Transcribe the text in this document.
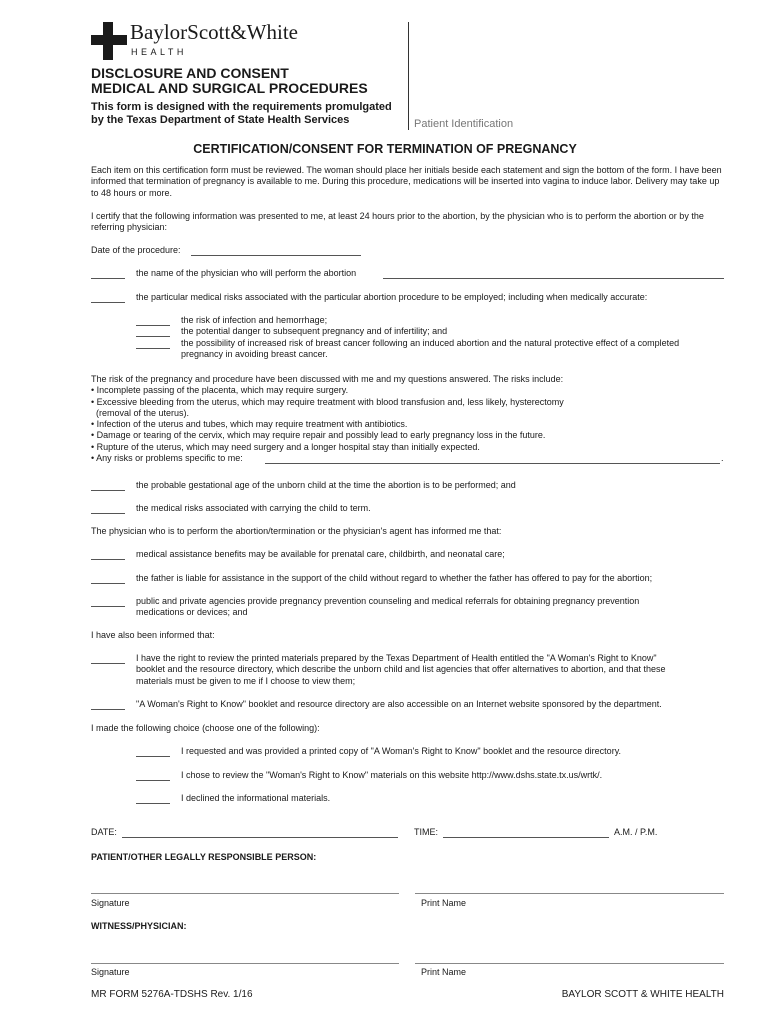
BaylorScott&White
HEALTH
DISCLOSURE AND CONSENT
MEDICAL AND SURGICAL PROCEDURES
This form is designed with the requirements promulgated
by the Texas Department of State Health Services	Patient Identification
CERTIFICATION/CONSENT FOR TERMINATION OF PREGNANCY
Each item on this certification form must be reviewed. The woman should place her initials beside each statement and sign the bottom of the form. I have been informed that termination of pregnancy is available to me. During this procedure, medications will be inserted into vagina to induce labor. Delivery may take up to 48 hours or more.
I certify that the following information was presented to me, at least 24 hours prior to the abortion, by the physician who is to perform the abortion or by the referring physician:
Date of the procedure:
the name of the physician who will perform the abortion
the particular medical risks associated with the particular abortion procedure to be employed; including when medically accurate:
the risk of infection and hemorrhage;
the potential danger to subsequent pregnancy and of infertility; and
the possibility of increased risk of breast cancer following an induced abortion and the natural protective effect of a completed
pregnancy in avoiding breast cancer.
The risk of the pregnancy and procedure have been discussed with me and my questions answered. The risks include:
• Incomplete passing of the placenta, which may require surgery.
• Excessive bleeding from the uterus, which may require treatment with blood transfusion and, less likely, hysterectomy
(removal of the uterus).
• Infection of the uterus and tubes, which may require treatment with antibiotics.
• Damage or tearing of the cervix, which may require repair and possibly lead to early pregnancy loss in the future.
• Rupture of the uterus, which may need surgery and a longer hospital stay than initially expected.
• Any risks or problems specific to me:	.
the probable gestational age of the unborn child at the time the abortion is to be performed; and
the medical risks associated with carrying the child to term.
The physician who is to perform the abortion/termination or the physician's agent has informed me that:
medical assistance benefits may be available for prenatal care, childbirth, and neonatal care;
the father is liable for assistance in the support of the child without regard to whether the father has offered to pay for the abortion;
public and private agencies provide pregnancy prevention counseling and medical referrals for obtaining pregnancy prevention
medications or devices; and
I have also been informed that:
I have the right to review the printed materials prepared by the Texas Department of Health entitled the "A Woman's Right to Know"
booklet and the resource directory, which describe the unborn child and list agencies that offer alternatives to abortion, and that these
materials must be given to me if I choose to view them;
"A Woman's Right to Know" booklet and resource directory are also accessible on an Internet website sponsored by the department.
I made the following choice (choose one of the following):
I requested and was provided a printed copy of "A Woman's Right to Know" booklet and the resource directory.
I chose to review the "Woman's Right to Know" materials on this website http://www.dshs.state.tx.us/wrtk/.
I declined the informational materials.
DATE:	TIME:	A.M. / P.M.
PATIENT/OTHER LEGALLY RESPONSIBLE PERSON:
Signature	Print Name
WITNESS/PHYSICIAN:
Signature	Print Name
MR FORM 5276A-TDSHS Rev. 1/16	BAYLOR SCOTT & WHITE HEALTH
